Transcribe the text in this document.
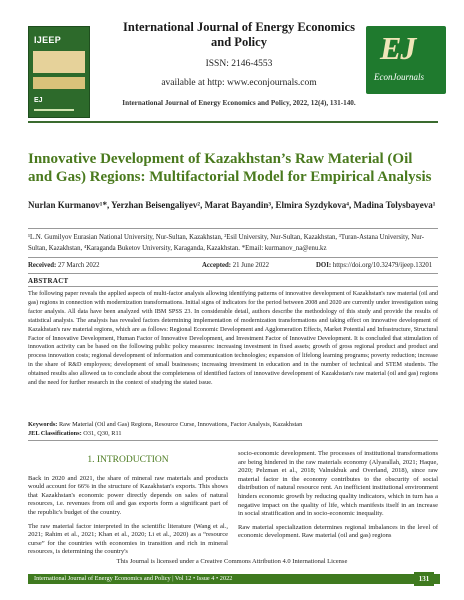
IJEEP
EJ
International Journal of Energy Economics and Policy
ISSN: 2146-4553
available at http: www.econjournals.com
International Journal of Energy Economics and Policy, 2022, 12(4), 131-140.
EJ
EconJournals
Innovative Development of Kazakhstan’s Raw Material (Oil and Gas) Regions: Multifactorial Model for Empirical Analysis
Nurlan Kurmanov¹*, Yerzhan Beisengaliyev², Marat Bayandin³, Elmira Syzdykova⁴, Madina Tolysbayeva¹
¹L.N. Gumilyov Eurasian National University, Nur-Sultan, Kazakhstan, ²Esil University, Nur-Sultan, Kazakhstan, ³Turan-Astana University, Nur-Sultan, Kazakhstan, ⁴Karaganda Buketov University, Karaganda, Kazakhstan. *Email: kurmanov_na@enu.kz
Received: 27 March 2022	Accepted: 21 June 2022	DOI: https://doi.org/10.32479/ijeep.13201
ABSTRACT
The following paper reveals the applied aspects of multi-factor analysis allowing identifying patterns of innovative development of Kazakhstan's raw material (oil and gas) regions in connection with modernization transformations. Initial signs of indicators for the period between 2008 and 2020 are currently under investigation using factor analysis. All data have been analyzed with IBM SPSS 23. In considerable detail, authors describe the methodology of this study and provide the results of statistical analysis. The analysis has revealed factors determining implementation of modernization transformations and taking effect on innovative development of Kazakhstan's raw material regions, which are as follows: Regional Economic Development and Agglomeration Effects, Market Potential and Infrastructure, Structural Factor of Innovative Development, Human Factor of Innovative Development, and Investment Factor of Innovative Development. It is concluded that stimulation of innovation activity can be based on the following public policy measures: increasing investment in fixed assets; growth of gross regional product and product and process innovation costs; regional development of information and communication technologies; expansion of lifelong learning programs; poverty reduction; increase in the share of R&D employees; development of small businesses; increasing investment in education and in the number of technical and STEM students. The obtained results also allowed us to conclude about the completeness of identified factors of innovative development of Kazakhstan's raw material (oil and gas) regions and the need for further research in the context of studying the stated issue.
Keywords: Raw Material (Oil and Gas) Regions, Resource Curse, Innovations, Factor Analysis, Kazakhstan
JEL Classifications: O31, Q30, R11
1. INTRODUCTION

Back in 2020 and 2021, the share of mineral raw materials and products would account for 66% in the structure of Kazakhstan's exports. This shows that Kazakhstan's economic power directly depends on sales of natural resources, i.e. revenues from oil and gas exports form a significant part of the republic's budget of the country.

The raw material factor interpreted in the scientific literature (Wang et al., 2021; Rahim et al., 2021; Khan et al., 2020; Li et al., 2020) as a “resource curse” for the countries with economies in transition and rich in mineral resources, is determining the country's

socio-economic development. The processes of institutional transformations are being hindered in the raw materials economy (Alyarallah, 2021; Haque, 2020; Pelzman et al., 2018; Valnukhuk and Overland, 2018), since raw material factor in the economy contributes to the obscurity of social distribution of natural resource rent. An inefficient institutional environment hinders economic growth by reducing quality indicators, which in turn has a negative impact on the quality of life, which manifests itself in an increase in social stratification and in socio-economic inequality.

Raw material specialization determines regional imbalances in the level of economic development. Raw material (oil and gas) regions

This Journal is licensed under a Creative Commons Attribution 4.0 International License
International Journal of Energy Economics and Policy | Vol 12 • Issue 4 • 2022	131
